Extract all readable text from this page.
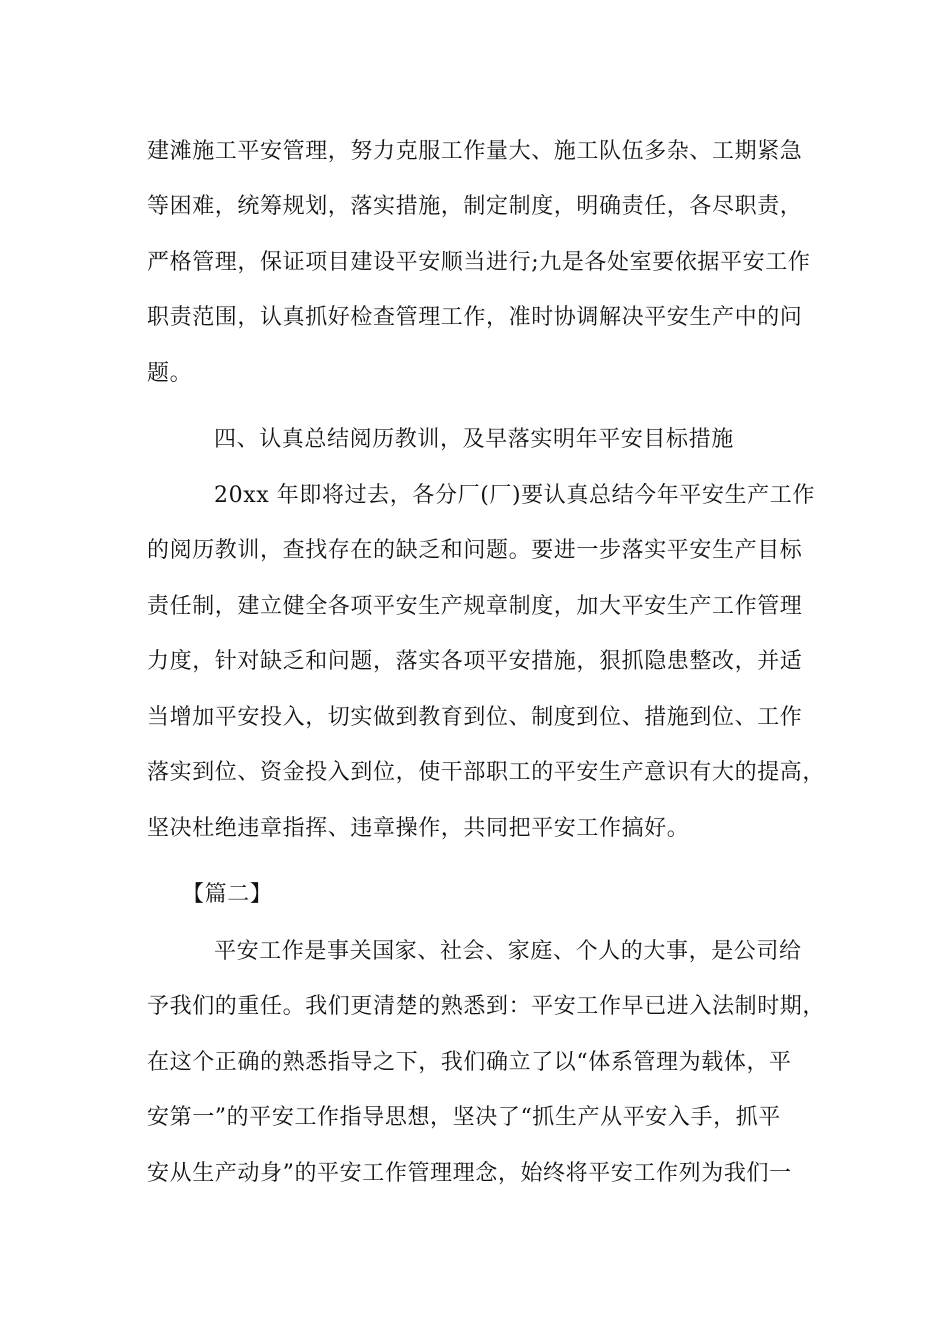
建滩施工平安管理，努力克服工作量大、施工队伍多杂、工期紧急
等困难，统筹规划，落实措施，制定制度，明确责任，各尽职责，
严格管理，保证项目建设平安顺当进行;九是各处室要依据平安工作
职责范围，认真抓好检查管理工作，准时协调解决平安生产中的问
题。
四、认真总结阅历教训，及早落实明年平安目标措施
20xx 年即将过去，各分厂(厂)要认真总结今年平安生产工作
的阅历教训，查找存在的缺乏和问题。要进一步落实平安生产目标
责任制，建立健全各项平安生产规章制度，加大平安生产工作管理
力度，针对缺乏和问题，落实各项平安措施，狠抓隐患整改，并适
当增加平安投入，切实做到教育到位、制度到位、措施到位、工作
落实到位、资金投入到位，使干部职工的平安生产意识有大的提高，
坚决杜绝违章指挥、违章操作，共同把平安工作搞好。
【篇二】
平安工作是事关国家、社会、家庭、个人的大事，是公司给
予我们的重任。我们更清楚的熟悉到：平安工作早已进入法制时期，
在这个正确的熟悉指导之下，我们确立了以“体系管理为载体，平
安第一”的平安工作指导思想，坚决了“抓生产从平安入手，抓平
安从生产动身”的平安工作管理理念，始终将平安工作列为我们一
